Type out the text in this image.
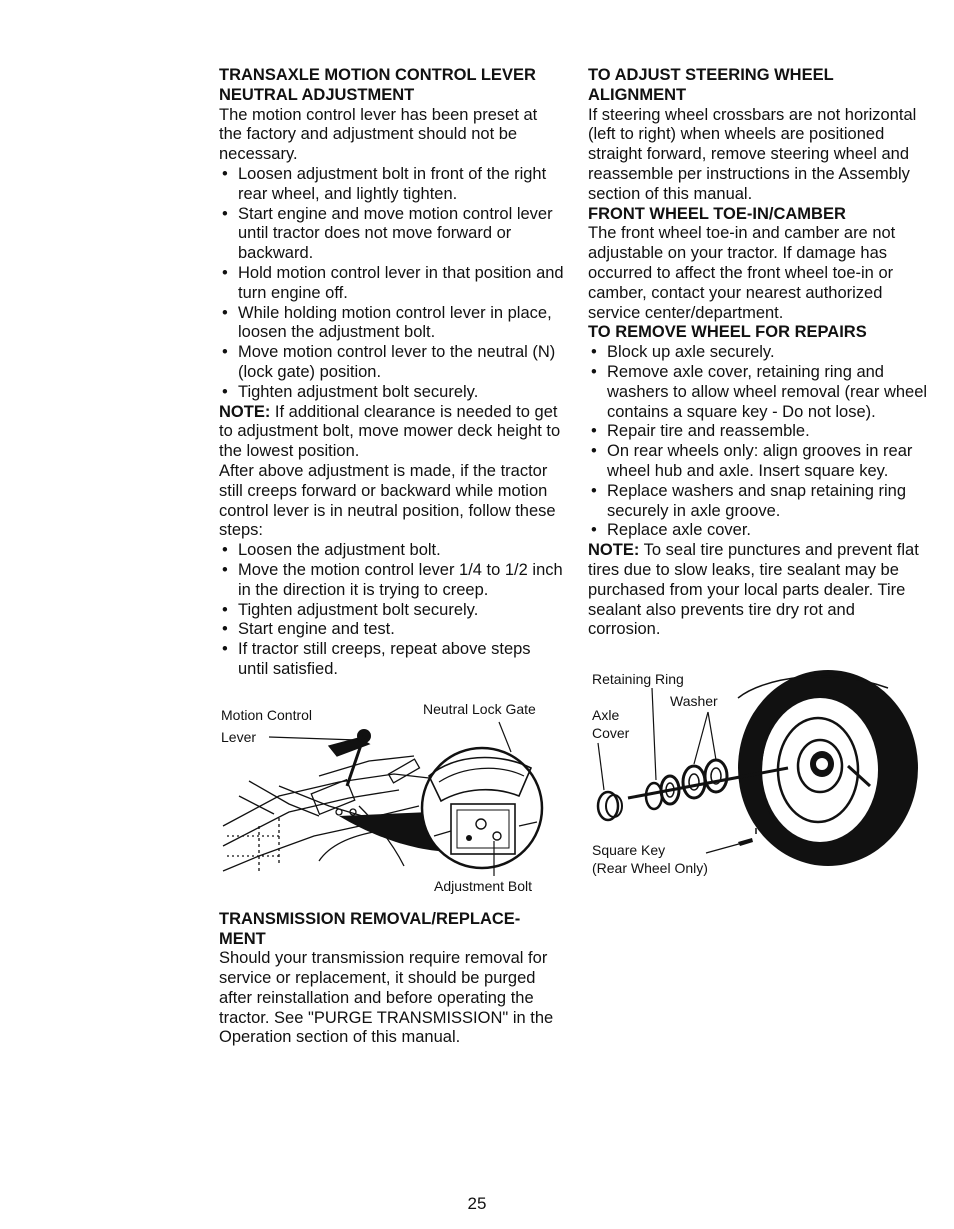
TRANSAXLE MOTION CONTROL LEVER NEUTRAL ADJUSTMENT

The motion control lever has been preset at the factory and adjustment should not be necessary.

• Loosen adjustment bolt in front of the right rear wheel, and lightly tighten.
• Start engine and move motion control lever until tractor does not move forward or backward.
• Hold motion control lever in that position and turn engine off.
• While holding motion control lever in place, loosen the adjustment bolt.
• Move motion control lever to the neutral (N) (lock gate) position.
• Tighten adjustment bolt securely.

NOTE: If additional clearance is needed to get to adjustment bolt, move mower deck height to the lowest position.

After above adjustment is made, if the tractor still creeps forward or backward while motion control lever is in neutral position, follow these steps:

• Loosen the adjustment bolt.
• Move the motion control lever 1/4 to 1/2 inch in the direction it is trying to creep.
• Tighten adjustment bolt securely.
• Start engine and test.
• If tractor still creeps, repeat above steps until satisfied.
Motion Control
Lever
Neutral Lock Gate
Adjustment Bolt
TRANSMISSION REMOVAL/REPLACE-MENT

Should your transmission require removal for service or replacement, it should be purged after reinstallation and before operating the tractor. See "PURGE TRANSMISSION" in the Operation section of this manual.

TO ADJUST STEERING WHEEL ALIGNMENT

If steering wheel crossbars are not horizontal (left to right) when wheels are positioned straight forward, remove steering wheel and reassemble per instructions in the Assembly section of this manual.

FRONT WHEEL TOE-IN/CAMBER

The front wheel toe-in and camber are not adjustable on your tractor. If damage has occurred to affect the front wheel toe-in or camber, contact your nearest authorized service center/department.

TO REMOVE WHEEL FOR REPAIRS
• Block up axle securely.
• Remove axle cover, retaining ring and washers to allow wheel removal (rear wheel contains a square key - Do not lose).
• Repair tire and reassemble.
• On rear wheels only: align grooves in rear wheel hub and axle. Insert square key.
• Replace washers and snap retaining ring securely in axle groove.
• Replace axle cover.

NOTE: To seal tire punctures and prevent flat tires due to slow leaks, tire sealant may be purchased from your local parts dealer. Tire sealant also prevents tire dry rot and corrosion.

Retaining Ring
Washer
Axle
Cover
Square Key
(Rear Wheel Only)
25
